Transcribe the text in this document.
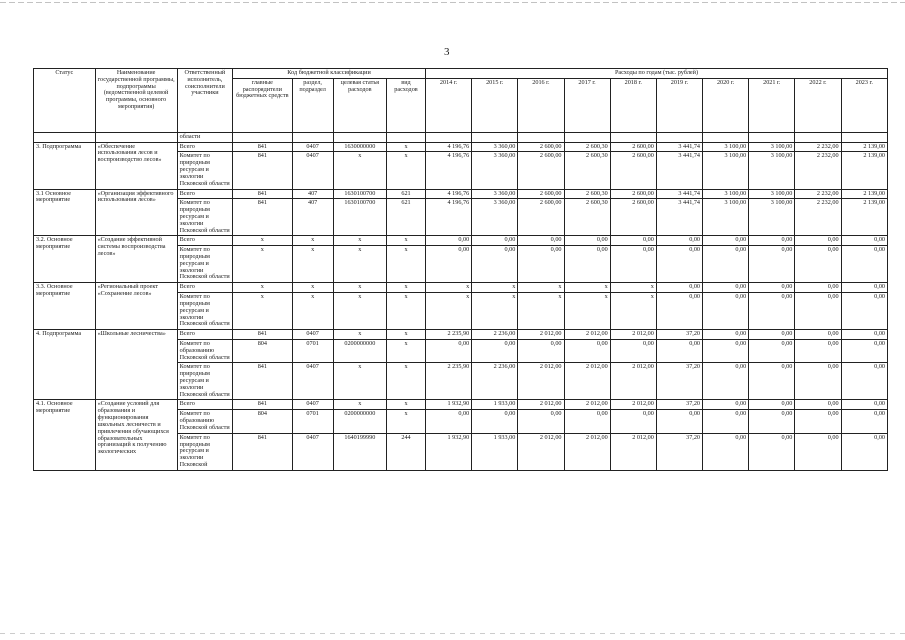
3
Статус	Наименование государственной программы, подпрограммы (ведомственной целевой программы, основного мероприятия)	Ответственный исполнитель, соисполнители участники	Код бюджетной классификации				Расходы по годам (тыс. рублей)									
			главные распорядители бюджетных средств	раздел, подраздел	целевая статья расходов	вид расходов	2014 г.	2015 г.	2016 г.	2017 г.	2018 г.	2019 г.	2020 г.	2021 г.	2022 г.	2023 г.
		области														
3. Подпрограмма	«Обеспечение использования лесов и воспроизводство лесов»	Всего	841	0407	1630000000	х	4 196,76	3 360,00	2 600,00	2 600,30	2 600,00	3 441,74	3 100,00	3 100,00	2 232,00	2 139,00
		Комитет по природным ресурсам и экологии Псковской области	841	0407	х	х	4 196,76	3 360,00	2 600,00	2 600,30	2 600,00	3 441,74	3 100,00	3 100,00	2 232,00	2 139,00
3.1 Основное мероприятие	«Организация эффективного использования лесов»	Всего	841	407	1630100700	621	4 196,76	3 360,00	2 600,00	2 600,30	2 600,00	3 441,74	3 100,00	3 100,00	2 232,00	2 139,00
		Комитет по природным ресурсам и экологии Псковской области	841	407	1630100700	621	4 196,76	3 360,00	2 600,00	2 600,30	2 600,00	3 441,74	3 100,00	3 100,00	2 232,00	2 139,00
3.2. Основное мероприятие	«Создание эффективной системы воспроизводства лесов»	Всего	х	х	х	х	0,00	0,00	0,00	0,00	0,00	0,00	0,00	0,00	0,00	0,00
		Комитет по природным ресурсам и экологии Псковской области	х	х	х	х	0,00	0,00	0,00	0,00	0,00	0,00	0,00	0,00	0,00	0,00
3.3. Основное мероприятие	«Региональный проект «Сохранение лесов»	Всего	х	х	х	х	х	х	х	х	х	0,00	0,00	0,00	0,00	0,00
		Комитет по природным ресурсам и экологии Псковской области	х	х	х	х	х	х	х	х	х	0,00	0,00	0,00	0,00	0,00
4. Подпрограмма	«Школьные лесничества»	Всего	841	0407	х	х	2 235,90	2 236,00	2 012,00	2 012,00	2 012,00	37,20	0,00	0,00	0,00	0,00
		Комитет по образованию Псковской области	804	0701	0200000000	х	0,00	0,00	0,00	0,00	0,00	0,00	0,00	0,00	0,00	0,00
		Комитет по природным ресурсам и экологии Псковской области	841	0407	х	х	2 235,90	2 236,00	2 012,00	2 012,00	2 012,00	37,20	0,00	0,00	0,00	0,00
4.1. Основное мероприятие	«Создание условий для образования и функционирования школьных лесничеств и привлечения обучающихся образовательных организаций к получению экологических	Всего	841	0407	х	х	1 932,90	1 933,00	2 012,00	2 012,00	2 012,00	37,20	0,00	0,00	0,00	0,00
		Комитет по образованию Псковской области	804	0701	0200000000	х	0,00	0,00	0,00	0,00	0,00	0,00	0,00	0,00	0,00	0,00
		Комитет по природным ресурсам и экологии Псковской	841	0407	1640199990	244	1 932,90	1 933,00	2 012,00	2 012,00	2 012,00	37,20	0,00	0,00	0,00	0,00
